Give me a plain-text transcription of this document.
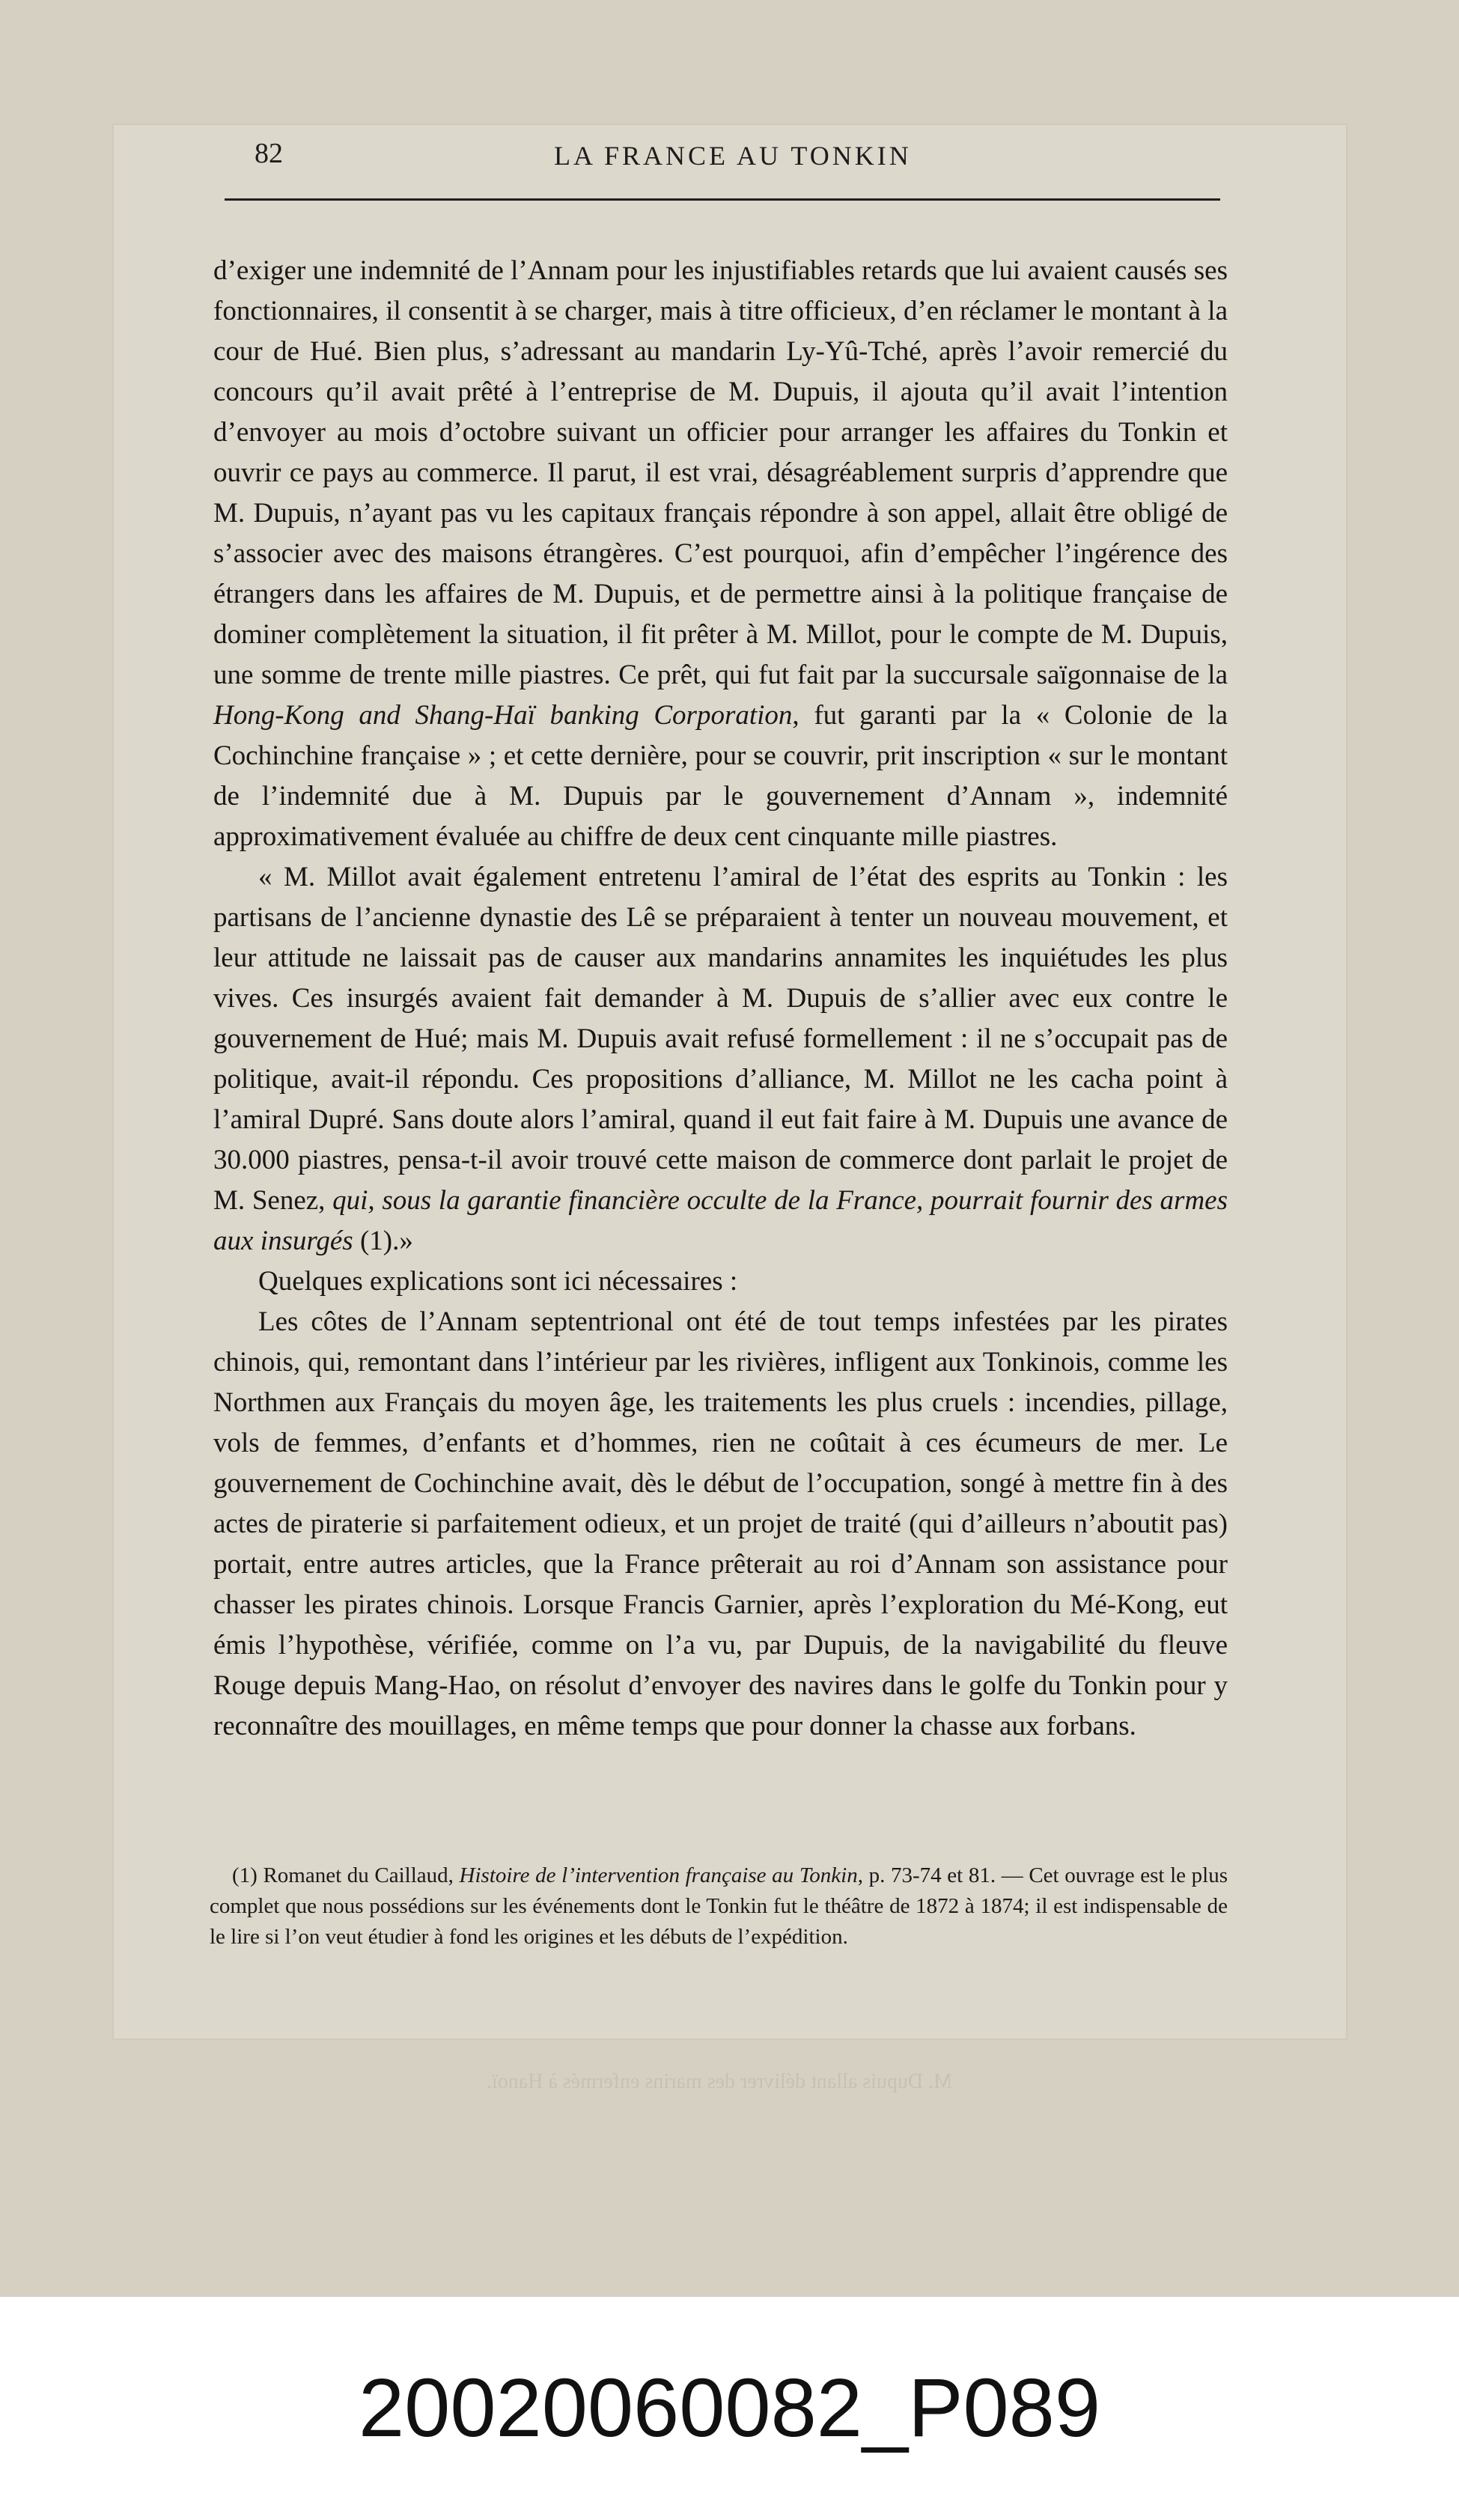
82	LA FRANCE AU TONKIN

d’exiger une indemnité de l’Annam pour les injustifiables retards que lui avaient causés ses fonctionnaires, il consentit à se charger, mais à titre officieux, d’en réclamer le montant à la cour de Hué. Bien plus, s’adressant au mandarin Ly-Yû-Tché, après l’avoir remercié du concours qu’il avait prêté à l’entreprise de M. Dupuis, il ajouta qu’il avait l’intention d’envoyer au mois d’octobre suivant un officier pour arranger les affaires du Tonkin et ouvrir ce pays au commerce. Il parut, il est vrai, désagréablement surpris d’apprendre que M. Dupuis, n’ayant pas vu les capitaux français répondre à son appel, allait être obligé de s’associer avec des maisons étrangères. C’est pourquoi, afin d’empêcher l’ingérence des étrangers dans les affaires de M. Dupuis, et de permettre ainsi à la politique française de dominer complètement la situation, il fit prêter à M. Millot, pour le compte de M. Dupuis, une somme de trente mille piastres. Ce prêt, qui fut fait par la succursale saïgonnaise de la Hong-Kong and Shang-Haï banking Corporation, fut garanti par la « Colonie de la Cochinchine française » ; et cette dernière, pour se couvrir, prit inscription « sur le montant de l’indemnité due à M. Dupuis par le gouvernement d’Annam », indemnité approximativement évaluée au chiffre de deux cent cinquante mille piastres.

« M. Millot avait également entretenu l’amiral de l’état des esprits au Tonkin : les partisans de l’ancienne dynastie des Lê se préparaient à tenter un nouveau mouvement, et leur attitude ne laissait pas de causer aux mandarins annamites les inquiétudes les plus vives. Ces insurgés avaient fait demander à M. Dupuis de s’allier avec eux contre le gouvernement de Hué; mais M. Dupuis avait refusé formellement : il ne s’occupait pas de politique, avait-il répondu. Ces propositions d’alliance, M. Millot ne les cacha point à l’amiral Dupré. Sans doute alors l’amiral, quand il eut fait faire à M. Dupuis une avance de 30.000 piastres, pensa-t-il avoir trouvé cette maison de commerce dont parlait le projet de M. Senez, qui, sous la garantie financière occulte de la France, pourrait fournir des armes aux insurgés (1).»

Quelques explications sont ici nécessaires :

Les côtes de l’Annam septentrional ont été de tout temps infestées par les pirates chinois, qui, remontant dans l’intérieur par les rivières, infligent aux Tonkinois, comme les Northmen aux Français du moyen âge, les traitements les plus cruels : incendies, pillage, vols de femmes, d’enfants et d’hommes, rien ne coûtait à ces écumeurs de mer. Le gouvernement de Cochinchine avait, dès le début de l’occupation, songé à mettre fin à des actes de piraterie si parfaitement odieux, et un projet de traité (qui d’ailleurs n’aboutit pas) portait, entre autres articles, que la France prêterait au roi d’Annam son assistance pour chasser les pirates chinois. Lorsque Francis Garnier, après l’exploration du Mé-Kong, eut émis l’hypothèse, vérifiée, comme on l’a vu, par Dupuis, de la navigabilité du fleuve Rouge depuis Mang-Hao, on résolut d’envoyer des navires dans le golfe du Tonkin pour y reconnaître des mouillages, en même temps que pour donner la chasse aux forbans.

(1) Romanet du Caillaud, Histoire de l’intervention française au Tonkin, p. 73-74 et 81. — Cet ouvrage est le plus complet que nous possédions sur les événements dont le Tonkin fut le théâtre de 1872 à 1874; il est indispensable de le lire si l’on veut étudier à fond les origines et les débuts de l’expédition.

M. Dupuis allant délivrer des marins enfermés à Hanoï.
20020060082_P089
